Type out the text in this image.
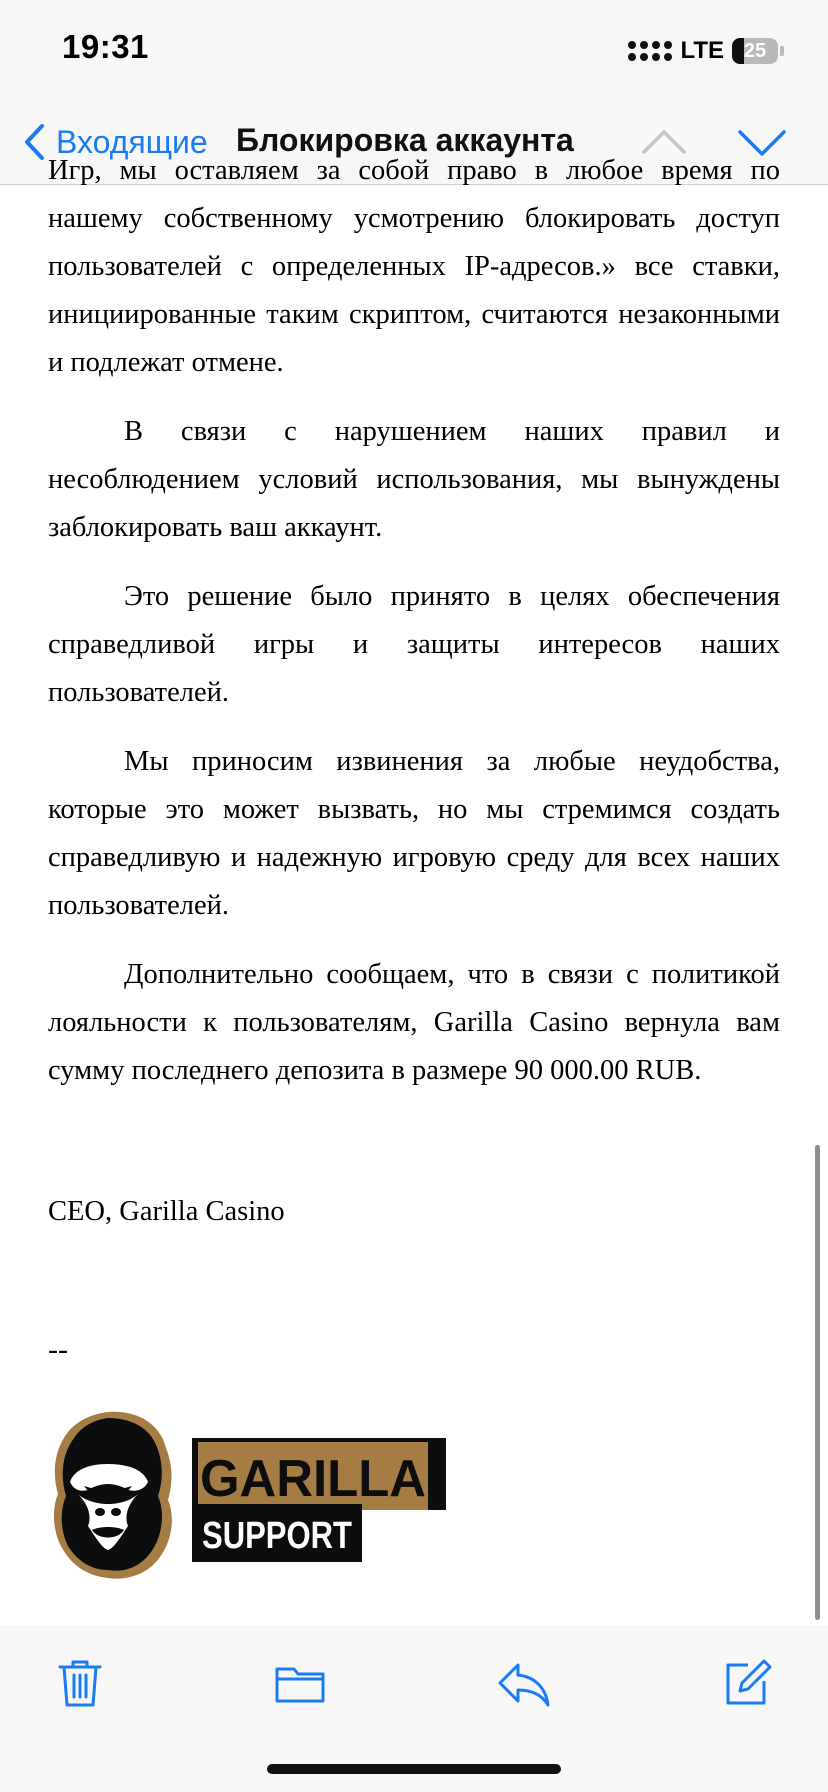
19:31	LTE 25
Входящие Блокировка аккаунта

Игр, мы оставляем за собой право в любое время по нашему собственному усмотрению блокировать доступ пользователей с определенных IP-адресов.» все ставки, инициированные таким скриптом, считаются незаконными и подлежат отмене.

В связи с нарушением наших правил и несоблюдением условий использования, мы вынуждены заблокировать ваш аккаунт.

Это решение было принято в целях обеспечения справедливой игры и защиты интересов наших пользователей.

Мы приносим извинения за любые неудобства, которые это может вызвать, но мы стремимся создать справедливую и надежную игровую среду для всех наших пользователей.

Дополнительно сообщаем, что в связи с политикой лояльности к пользователям, Garilla Casino вернула вам сумму последнего депозита в размере 90 000.00 RUB.

CEO, Garilla Casino
--
GARILLA
SUPPORT
